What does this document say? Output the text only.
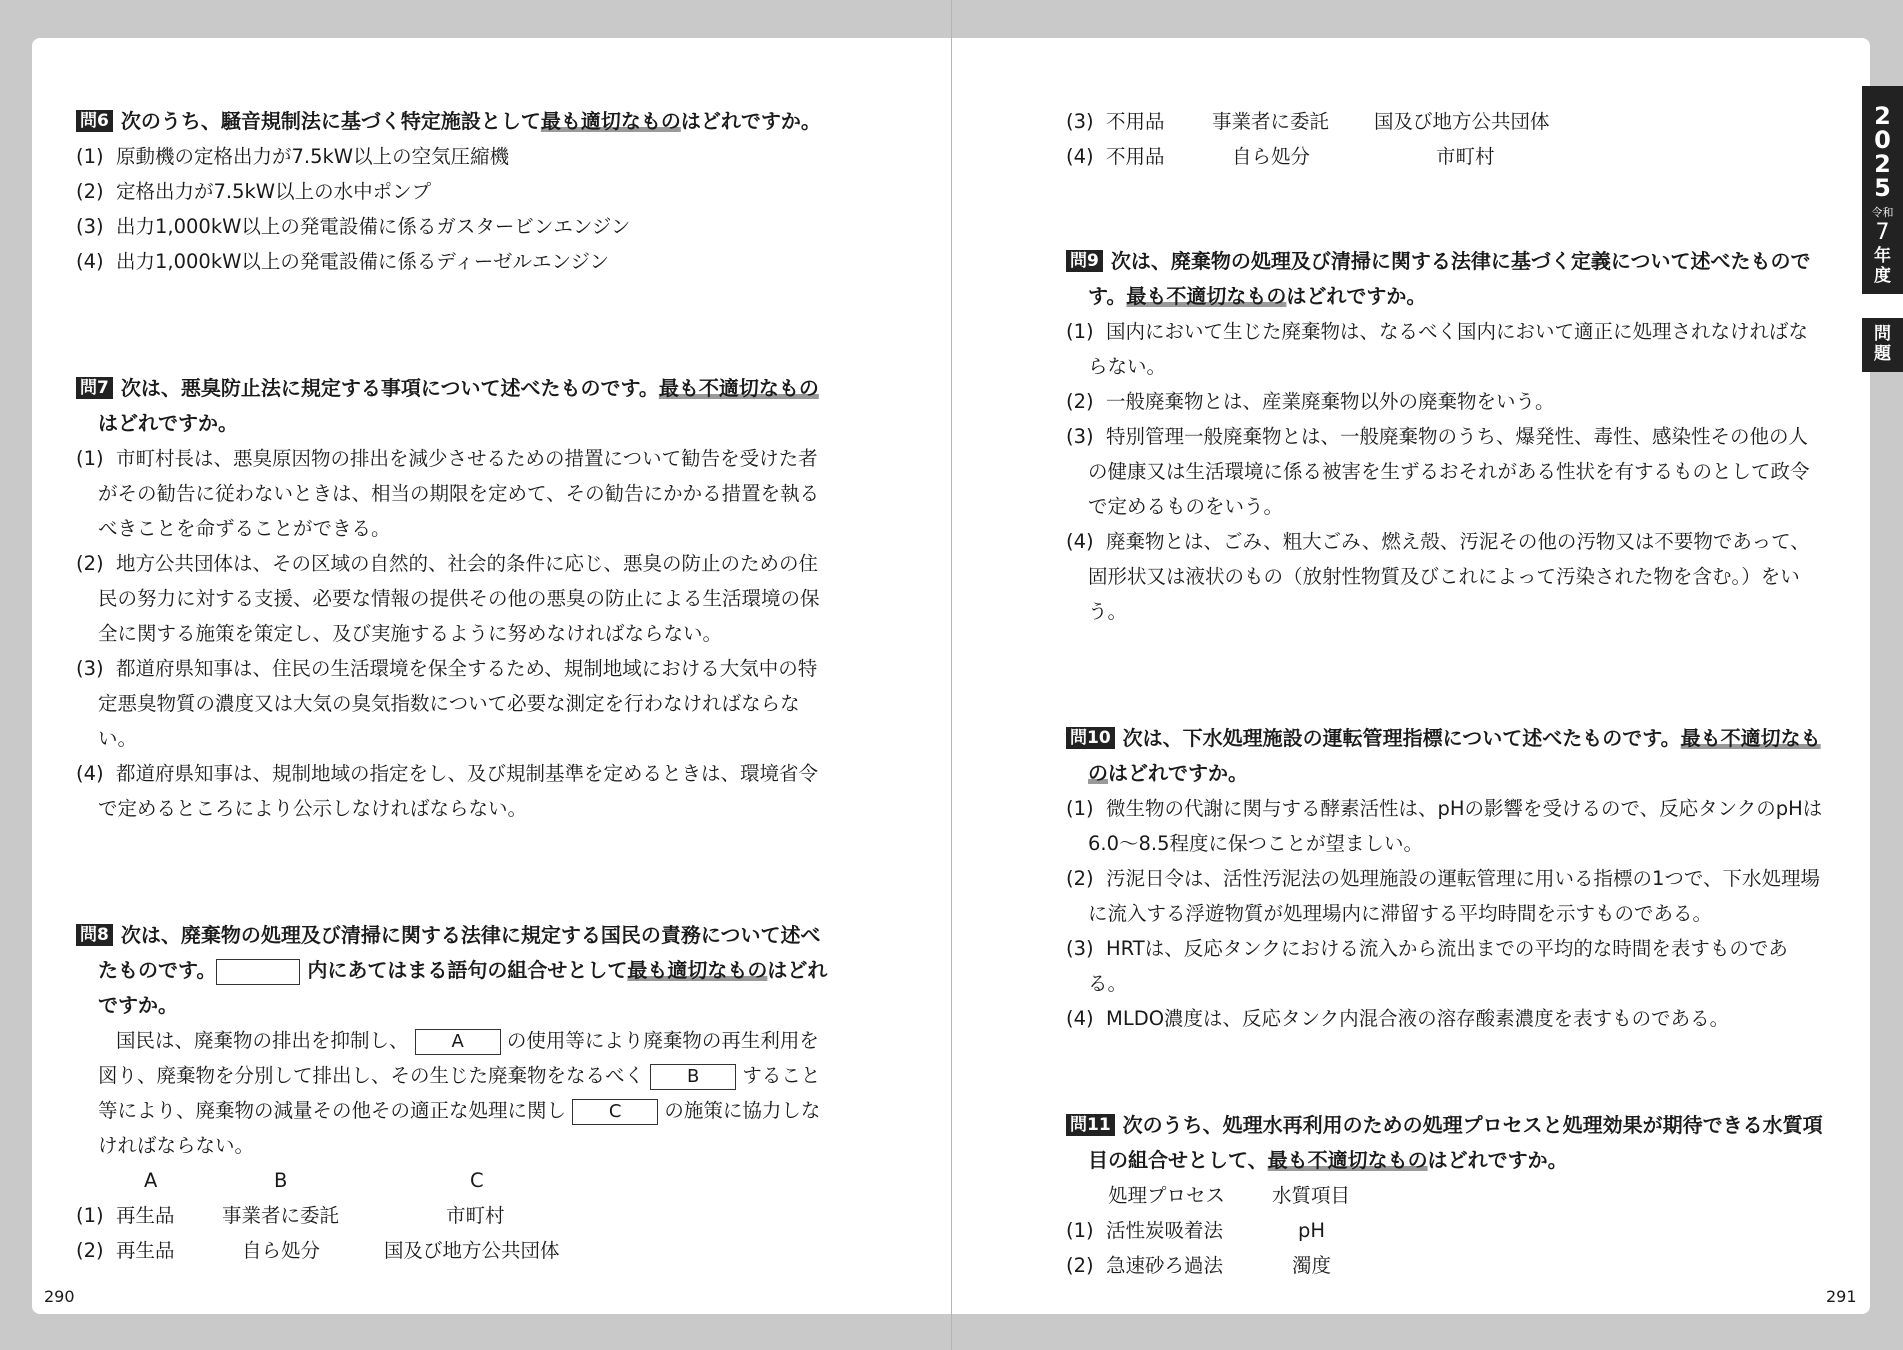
問6 次のうち、騒音規制法に基づく特定施設として最も適切なものはどれですか。
(1) 原動機の定格出力が7.5kW以上の空気圧縮機
(2) 定格出力が7.5kW以上の水中ポンプ
(3) 出力1,000kW以上の発電設備に係るガスタービンエンジン
(4) 出力1,000kW以上の発電設備に係るディーゼルエンジン
問7 次は、悪臭防止法に規定する事項について述べたものです。最も不適切なものはどれですか。
(1) 市町村長は、悪臭原因物の排出を減少させるための措置について勧告を受けた者がその勧告に従わないときは、相当の期限を定めて、その勧告にかかる措置を執るべきことを命ずることができる。
(2) 地方公共団体は、その区域の自然的、社会的条件に応じ、悪臭の防止のための住民の努力に対する支援、必要な情報の提供その他の悪臭の防止による生活環境の保全に関する施策を策定し、及び実施するように努めなければならない。
(3) 都道府県知事は、住民の生活環境を保全するため、規制地域における大気中の特定悪臭物質の濃度又は大気の臭気指数について必要な測定を行わなければならない。
(4) 都道府県知事は、規制地域の指定をし、及び規制基準を定めるときは、環境省令で定めるところにより公示しなければならない。
問8 次は、廃棄物の処理及び清掃に関する法律に規定する国民の責務について述べたものです。	内にあてはまる語句の組合せとして最も適切なものはどれですか。
国民は、廃棄物の排出を抑制し、 A の使用等により廃棄物の再生利用を図り、廃棄物を分別して排出し、その生じた廃棄物をなるべく B すること等により、廃棄物の減量その他その適正な処理に関し C の施策に協力しなければならない。
A	B	C
(1) 再生品 事業者に委託	市町村
(2) 再生品	自ら処分	国及び地方公共団体
(3) 不用品 事業者に委託 国及び地方公共団体
(4) 不用品	自ら処分	市町村
問9 次は、廃棄物の処理及び清掃に関する法律に基づく定義について述べたものです。最も不適切なものはどれですか。
(1) 国内において生じた廃棄物は、なるべく国内において適正に処理されなければならない。
(2) 一般廃棄物とは、産業廃棄物以外の廃棄物をいう。
(3) 特別管理一般廃棄物とは、一般廃棄物のうち、爆発性、毒性、感染性その他の人の健康又は生活環境に係る被害を生ずるおそれがある性状を有するものとして政令で定めるものをいう。
(4) 廃棄物とは、ごみ、粗大ごみ、燃え殻、汚泥その他の汚物又は不要物であって、固形状又は液状のもの（放射性物質及びこれによって汚染された物を含む。）をいう。
問10 次は、下水処理施設の運転管理指標について述べたものです。最も不適切なものはどれですか。
(1) 微生物の代謝に関与する酵素活性は、pHの影響を受けるので、反応タンクのpHは6.0〜8.5程度に保つことが望ましい。
(2) 汚泥日令は、活性汚泥法の処理施設の運転管理に用いる指標の1つで、下水処理場に流入する浮遊物質が処理場内に滞留する平均時間を示すものである。
(3) HRTは、反応タンクにおける流入から流出までの平均的な時間を表すものである。
(4) MLDO濃度は、反応タンク内混合液の溶存酸素濃度を表すものである。
問11 次のうち、処理水再利用のための処理プロセスと処理効果が期待できる水質項目の組合せとして、最も不適切なものはどれですか。
処理プロセス 水質項目
(1) 活性炭吸着法	pH
(2) 急速砂ろ過法	濁度
290	291
2
0
2
5
令和
7
年
度
問
題
